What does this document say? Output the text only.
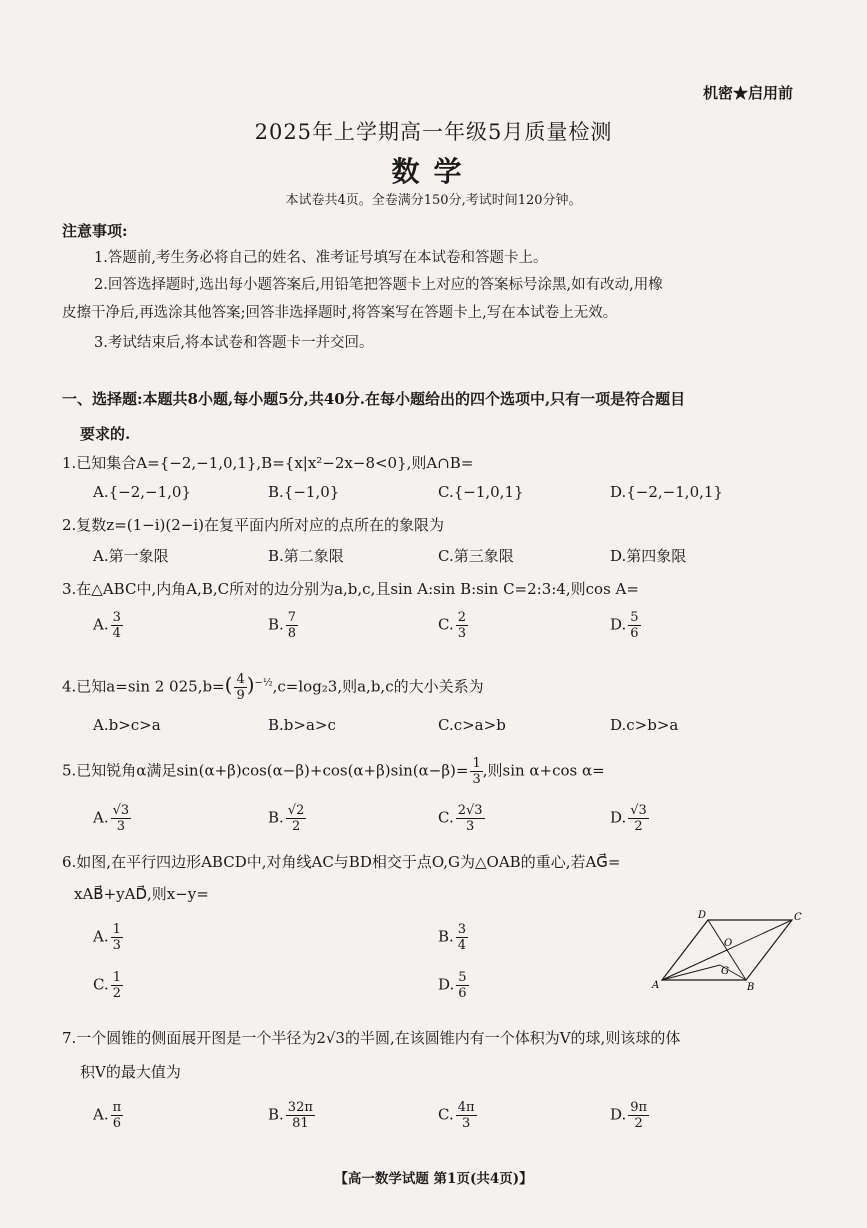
机密★启用前
2025年上学期高一年级5月质量检测
数学
本试卷共4页。全卷满分150分,考试时间120分钟。
注意事项:
1.答题前,考生务必将自己的姓名、准考证号填写在本试卷和答题卡上。
2.回答选择题时,选出每小题答案后,用铅笔把答题卡上对应的答案标号涂黑,如有改动,用橡
皮擦干净后,再选涂其他答案;回答非选择题时,将答案写在答题卡上,写在本试卷上无效。
3.考试结束后,将本试卷和答题卡一并交回。
一、选择题:本题共8小题,每小题5分,共40分.在每小题给出的四个选项中,只有一项是符合题目
要求的.
1.已知集合A={−2,−1,0,1},B={x|x²−2x−8<0},则A∩B=
A.{−2,−1,0}	B.{−1,0}	C.{−1,0,1}	D.{−2,−1,0,1}
2.复数z=(1−i)(2−i)在复平面内所对应的点所在的象限为
A.第一象限	B.第二象限	C.第三象限	D.第四象限
3.在△ABC中,内角A,B,C所对的边分别为a,b,c,且sin A:sin B:sin C=2:3:4,则cos A=
A. $\frac{3}{4}$	B. $\frac{7}{8}$	C. $\frac{2}{3}$	D. $\frac{5}{6}$
4.已知a=sin 2 $025,b=( \frac{4}{9} )^{-\frac{1}{2}},c=\log_23$,则a,b,c的大小关系为
A.b>c>a	B.b>a>c	C.c>a>b	D.c>b>a
5.已知锐角α满足$\sin(\alpha+\beta)\cos(\alpha-\beta)+\cos(\alpha+\beta)\sin(\alpha-\beta)= \frac{1}{3}$ ,则sin α+cos α=
A. $\frac{√3}{3}$	B. $\frac{√2}{2}$	C. $\frac{2√3}{3}$	D. $\frac{√3}{2}$
6.如图,在平行四边形ABCD中,对角线AC与BD相交于点O,G为△OAB的重心,若AG⃗=
xAB⃗+yAD⃗,则x−y=
A. $\frac{1}{3}$	B. $\frac{3}{4}$
C. $\frac{1}{2}$	D. $\frac{5}{6}$	A	B
C
D
O
G
7.一个圆锥的侧面展开图是一个半径为2√3的半圆,在该圆锥内有一个体积为V的球,则该球的体
积V的最大值为
A. $\frac{\pi}{6}$	B. $\frac{32\pi}{81}$	C. $\frac{4\pi}{3}$	D. $\frac{9\pi}{2}$
【高一数学试题 第1页(共4页)】
